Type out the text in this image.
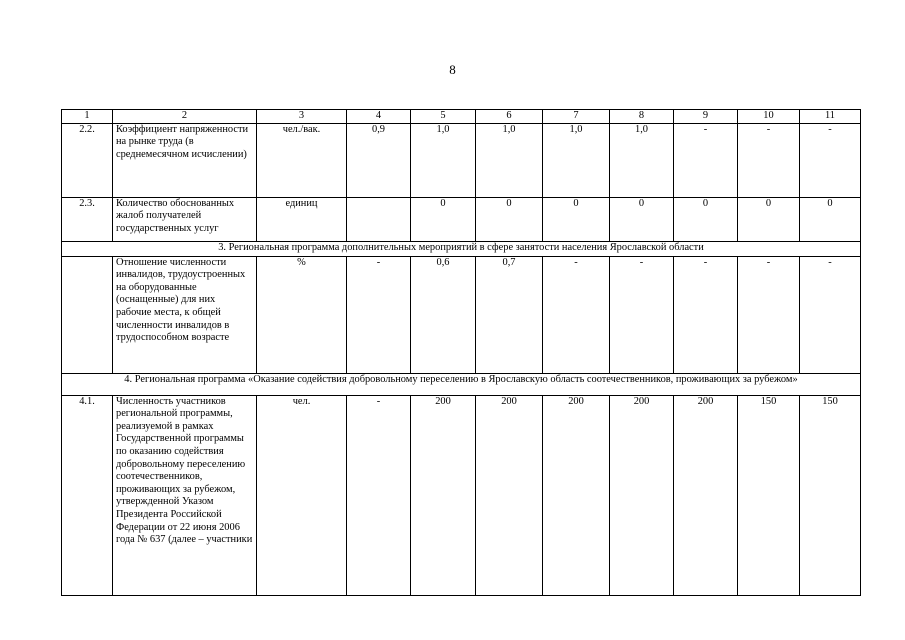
8
1	2	3	4	5	6	7	8	9	10	11
2.2.	Коэффициент напряженности на рынке труда (в среднемесячном исчислении)	чел./вак.	0,9	1,0	1,0	1,0	1,0	-	-	-
2.3.	Количество обоснованных жалоб получателей государственных услуг	единиц		0	0	0	0	0	0	0
3. Региональная программа дополнительных мероприятий в сфере занятости населения Ярославской области										
	Отношение численности инвалидов, трудоустроенных на оборудованные (оснащенные) для них рабочие места, к общей численности инвалидов в трудоспособном возрасте	%	-	0,6	0,7	-	-	-	-	-
4. Региональная программа «Оказание содействия добровольному переселению в Ярославскую область соотечественников, проживающих за рубежом»										
4.1.	Численность участников региональной программы, реализуемой в рамках Государственной программы по оказанию содействия добровольному переселению соотечественников, проживающих за рубежом, утвержденной Указом Президента Российской Федерации от 22 июня 2006 года № 637 (далее – участники	чел.	-	200	200	200	200	200	150	150
